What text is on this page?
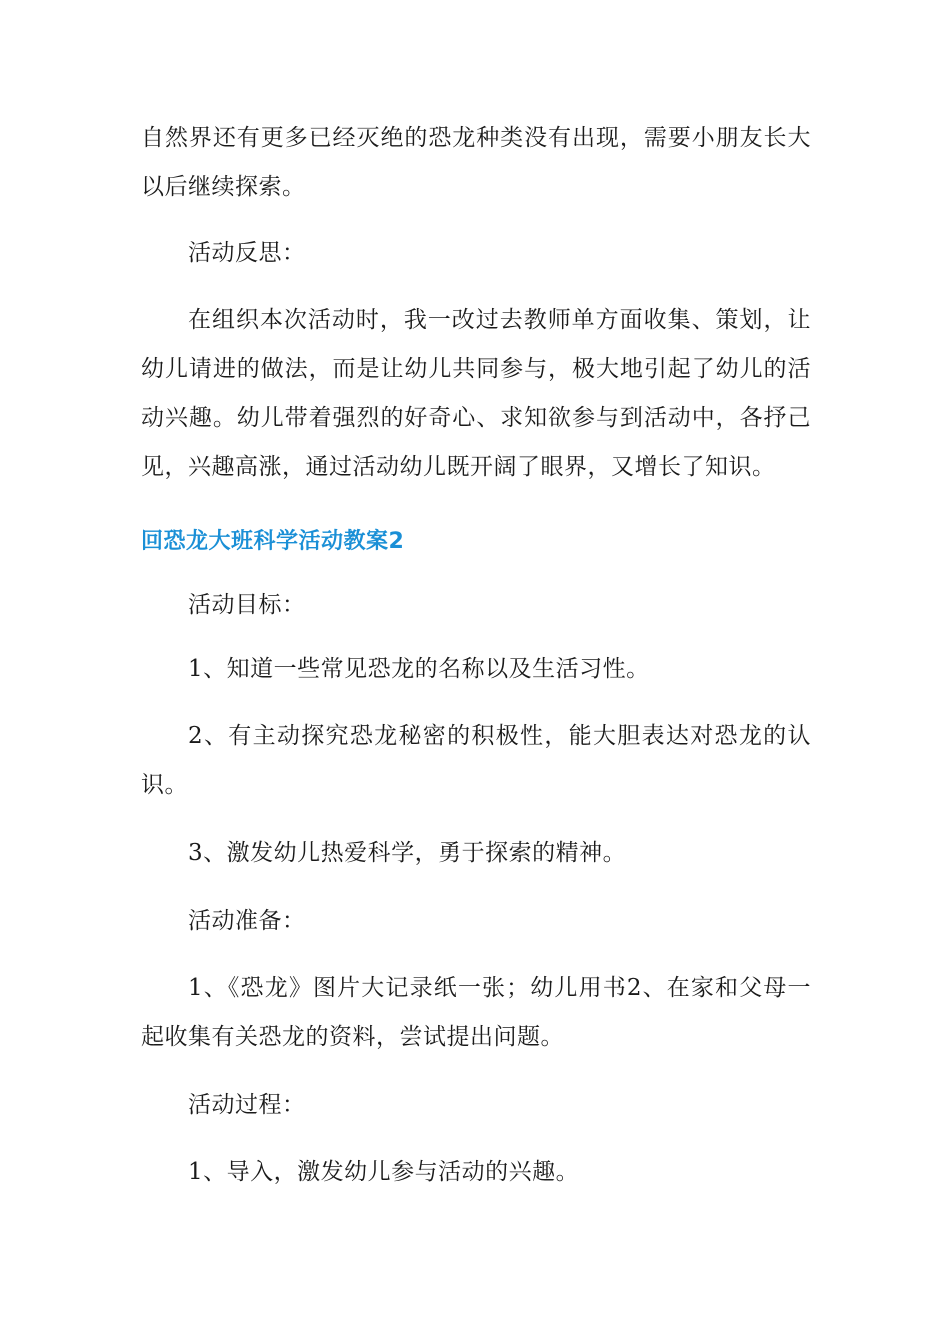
自然界还有更多已经灭绝的恐龙种类没有出现，需要小朋友长大以后继续探索。

活动反思：

在组织本次活动时，我一改过去教师单方面收集、策划，让幼儿请进的做法，而是让幼儿共同参与，极大地引起了幼儿的活动兴趣。幼儿带着强烈的好奇心、求知欲参与到活动中，各抒己见，兴趣高涨，通过活动幼儿既开阔了眼界，又增长了知识。

回恐龙大班科学活动教案2

活动目标：

1、知道一些常见恐龙的名称以及生活习性。

2、有主动探究恐龙秘密的积极性，能大胆表达对恐龙的认识。

3、激发幼儿热爱科学，勇于探索的精神。

活动准备：

1、《恐龙》图片大记录纸一张；幼儿用书2、在家和父母一起收集有关恐龙的资料，尝试提出问题。

活动过程：

1、导入，激发幼儿参与活动的兴趣。
